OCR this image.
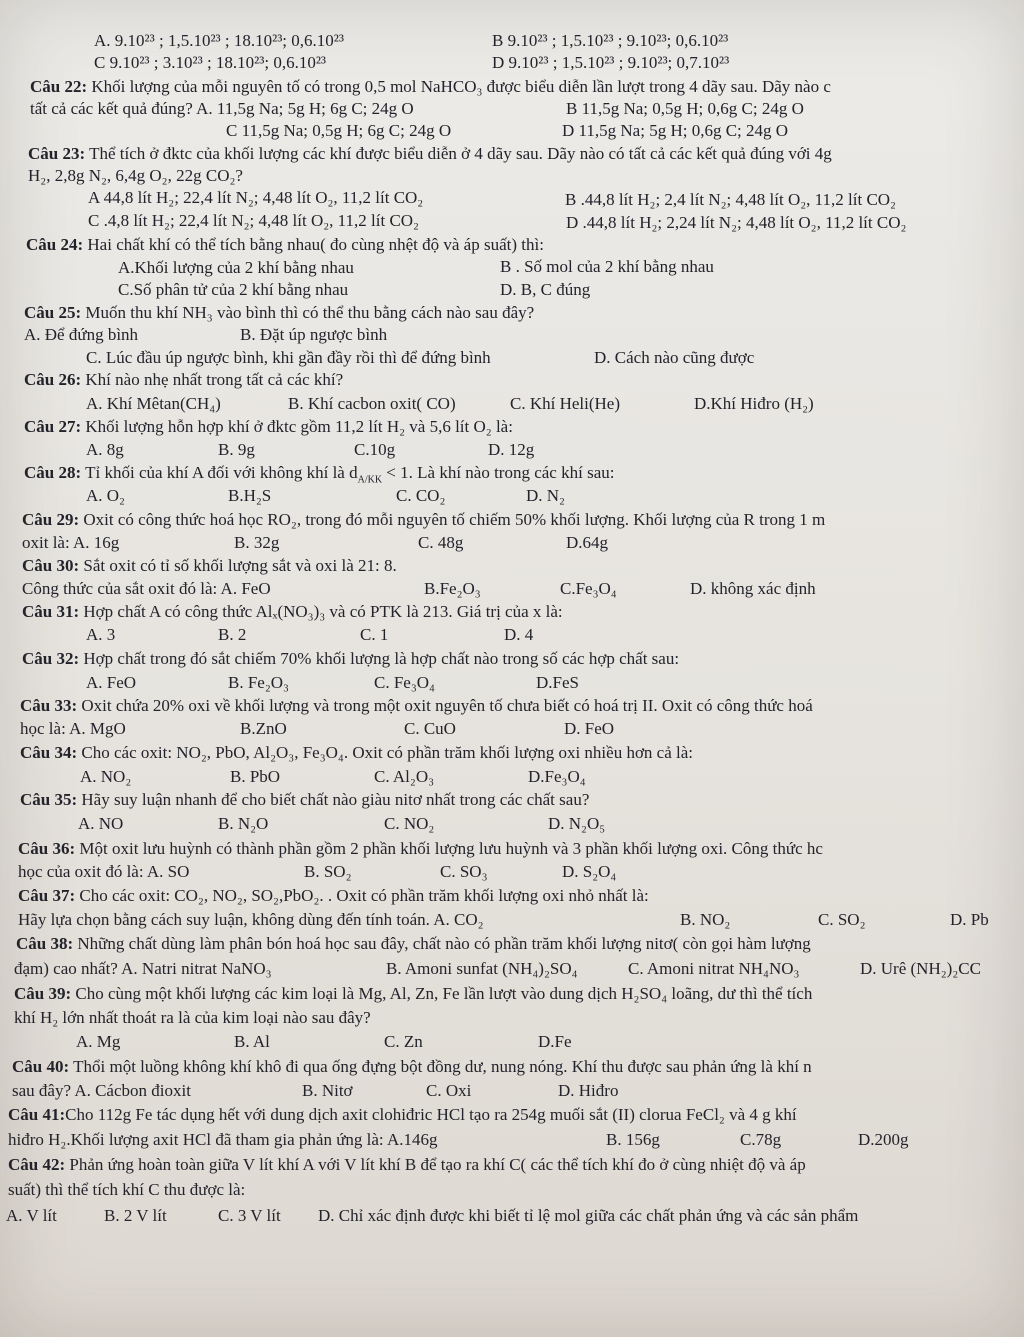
A. 9.10²³ ; 1,5.10²³ ; 18.10²³; 0,6.10²³	B 9.10²³ ; 1,5.10²³ ; 9.10²³; 0,6.10²³
C 9.10²³ ; 3.10²³ ; 18.10²³; 0,6.10²³	D 9.10²³ ; 1,5.10²³ ; 9.10²³; 0,7.10²³
Câu 22: Khối lượng của mỗi nguyên tố có trong 0,5 mol NaHCO₃ được biểu diễn lần lượt trong 4 dãy sau. Dãy nào c
tất cả các kết quả đúng? A. 11,5g Na; 5g H; 6g C; 24g O	B 11,5g Na; 0,5g H; 0,6g C; 24g O
C 11,5g Na; 0,5g H; 6g C; 24g O	D 11,5g Na; 5g H; 0,6g C; 24g O
Câu 23: Thể tích ở đktc của khối lượng các khí được biểu diễn ở 4 dãy sau. Dãy nào có tất cả các kết quả đúng với 4g
H₂, 2,8g N₂, 6,4g O₂, 22g CO₂?
A 44,8 lít H₂; 22,4 lít N₂; 4,48 lít O₂, 11,2 lít CO₂	B .44,8 lít H₂; 2,4 lít N₂; 4,48 lít O₂, 11,2 lít CO₂
C .4,8 lít H₂; 22,4 lít N₂; 4,48 lít O₂, 11,2 lít CO₂	D .44,8 lít H₂; 2,24 lít N₂; 4,48 lít O₂, 11,2 lít CO₂
Câu 24: Hai chất khí có thể tích bằng nhau( đo cùng nhệt độ và áp suất) thì:
A.Khối lượng của 2 khí bằng nhau	B . Số mol của 2 khí bằng nhau
C.Số phân tử của 2 khí bằng nhau	D. B, C đúng
Câu 25: Muốn thu khí NH₃ vào bình thì có thể thu bằng cách nào sau đây?
A. Để đứng bình	B. Đặt úp ngược bình
C. Lúc đầu úp ngược bình, khi gần đầy rồi thì để đứng bình	D. Cách nào cũng được
Câu 26: Khí nào nhẹ nhất trong tất cả các khí?
A. Khí Mêtan(CH₄)	B. Khí cacbon oxit( CO)	C. Khí Heli(He)	D.Khí Hiđro (H₂)
Câu 27: Khối lượng hỗn hợp khí ở đktc gồm 11,2 lít H₂ và 5,6 lít O₂ là:
A. 8g	B. 9g	C.10g	D. 12g
Câu 28: Tỉ khối của khí A đối với không khí là $d_{A/KK} < 1$. Là khí nào trong các khí sau:
A. O₂	B.H₂S	C. CO₂	D. N₂
Câu 29: Oxit có công thức hoá học RO₂, trong đó mỗi nguyên tố chiếm 50% khối lượng. Khối lượng của R trong 1 m
oxit là: A. 16g	B. 32g	C. 48g	D.64g
Câu 30: Sắt oxit có tỉ số khối lượng sắt và oxi là 21: 8.
Công thức của sắt oxit đó là: A. FeO	B.Fe₂O₃	C.Fe₃O₄	D. không xác định
Câu 31: Hợp chất A có công thức Alₓ(NO₃)₃ và có PTK là 213. Giá trị của x là:
A. 3	B. 2	C. 1	D. 4
Câu 32: Hợp chất trong đó sắt chiếm 70% khối lượng là hợp chất nào trong số các hợp chất sau:
A. FeO	B. Fe₂O₃	C. Fe₃O₄	D.FeS
Câu 33: Oxit chứa 20% oxi về khối lượng và trong một oxit nguyên tố chưa biết có hoá trị II. Oxit có công thức hoá
học là: A. MgO	B.ZnO	C. CuO	D. FeO
Câu 34: Cho các oxit: NO₂, PbO, Al₂O₃, Fe₃O₄. Oxit có phần trăm khối lượng oxi nhiều hơn cả là:
A. NO₂	B. PbO	C. Al₂O₃	D.Fe₃O₄
Câu 35: Hãy suy luận nhanh để cho biết chất nào giàu nitơ nhất trong các chất sau?
A. NO	B. N₂O	C. NO₂	D. N₂O₅
Câu 36: Một oxit lưu huỳnh có thành phần gồm 2 phần khối lượng lưu huỳnh và 3 phần khối lượng oxi. Công thức hc
học của oxit đó là: A. SO	B. SO₂	C. SO₃	D. S₂O₄
Câu 37: Cho các oxit: CO₂, NO₂, SO₂,PbO₂. . Oxit có phần trăm khối lượng oxi nhỏ nhất là:
Hãy lựa chọn bằng cách suy luận, không dùng đến tính toán. A. CO₂	B. NO₂	C. SO₂	D. Pb
Câu 38: Những chất dùng làm phân bón hoá học sau đây, chất nào có phần trăm khối lượng nitơ( còn gọi hàm lượng
đạm) cao nhất? A. Natri nitrat NaNO₃	B. Amoni sunfat (NH₄)₂SO₄	C. Amoni nitrat NH₄NO₃	D. Urê (NH₂)₂CC
Câu 39: Cho cùng một khối lượng các kim loại là Mg, Al, Zn, Fe lần lượt vào dung dịch H₂SO₄ loãng, dư thì thể tích
khí H₂ lớn nhất thoát ra là của kim loại nào sau đây?
A. Mg	B. Al	C. Zn	D.Fe
Câu 40: Thổi một luồng không khí khô đi qua ống đựng bột đồng dư, nung nóng. Khí thu được sau phản ứng là khí n
sau đây? A. Cácbon đioxit	B. Nitơ	C. Oxi	D. Hiđro
Câu 41:Cho 112g Fe tác dụng hết với dung dịch axit clohiđric HCl tạo ra 254g muối sắt (II) clorua FeCl₂ và 4 g khí
hiđro H₂.Khối lượng axit HCl đã tham gia phản ứng là: A.146g	B. 156g	C.78g	D.200g
Câu 42: Phản ứng hoàn toàn giữa V lít khí A với V lít khí B để tạo ra khí C( các thể tích khí đo ở cùng nhiệt độ và áp
suất) thì thể tích khí C thu được là:
A. V lít	B. 2 V lít	C. 3 V lít D. Chỉ xác định được khi biết tỉ lệ mol giữa các chất phản ứng và các sản phẩm
